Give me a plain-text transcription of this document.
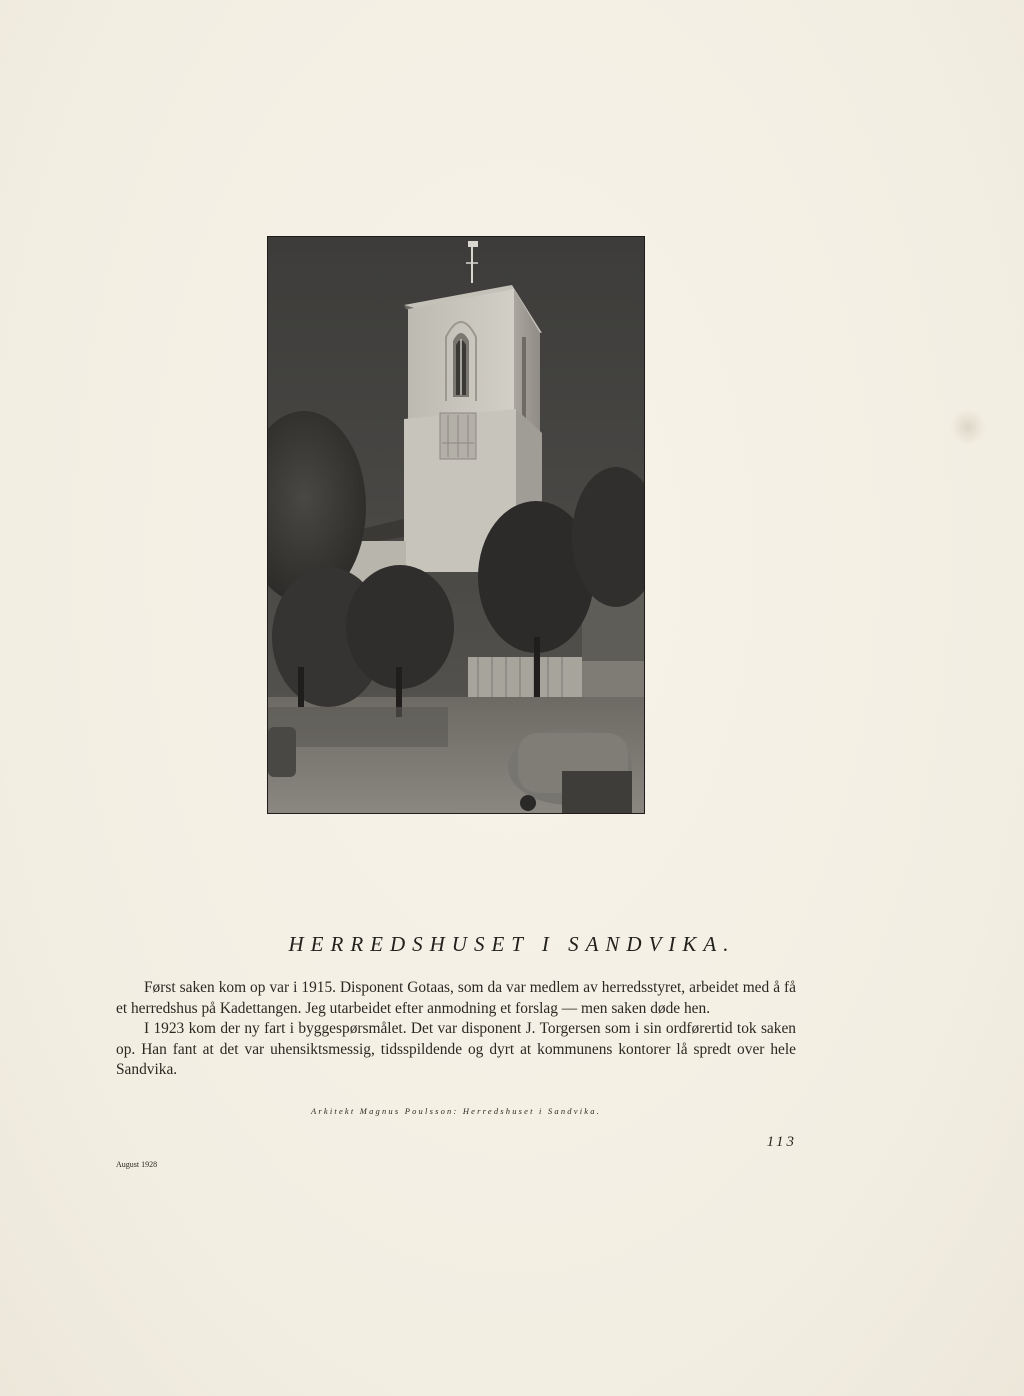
HERREDSHUSET I SANDVIKA.

Først saken kom op var i 1915. Disponent Gotaas, som da var medlem av herredsstyret, arbeidet med å få et herredshus på Kadettangen. Jeg utarbeidet efter anmodning et forslag — men saken døde hen.

I 1923 kom der ny fart i byggespørsmålet. Det var disponent J. Torgersen som i sin ordførertid tok saken op. Han fant at det var uhensiktsmessig, tidsspildende og dyrt at kommunens kontorer lå spredt over hele Sandvika.

Arkitekt Magnus Poulsson: Herredshuset i Sandvika.
113
August 1928
